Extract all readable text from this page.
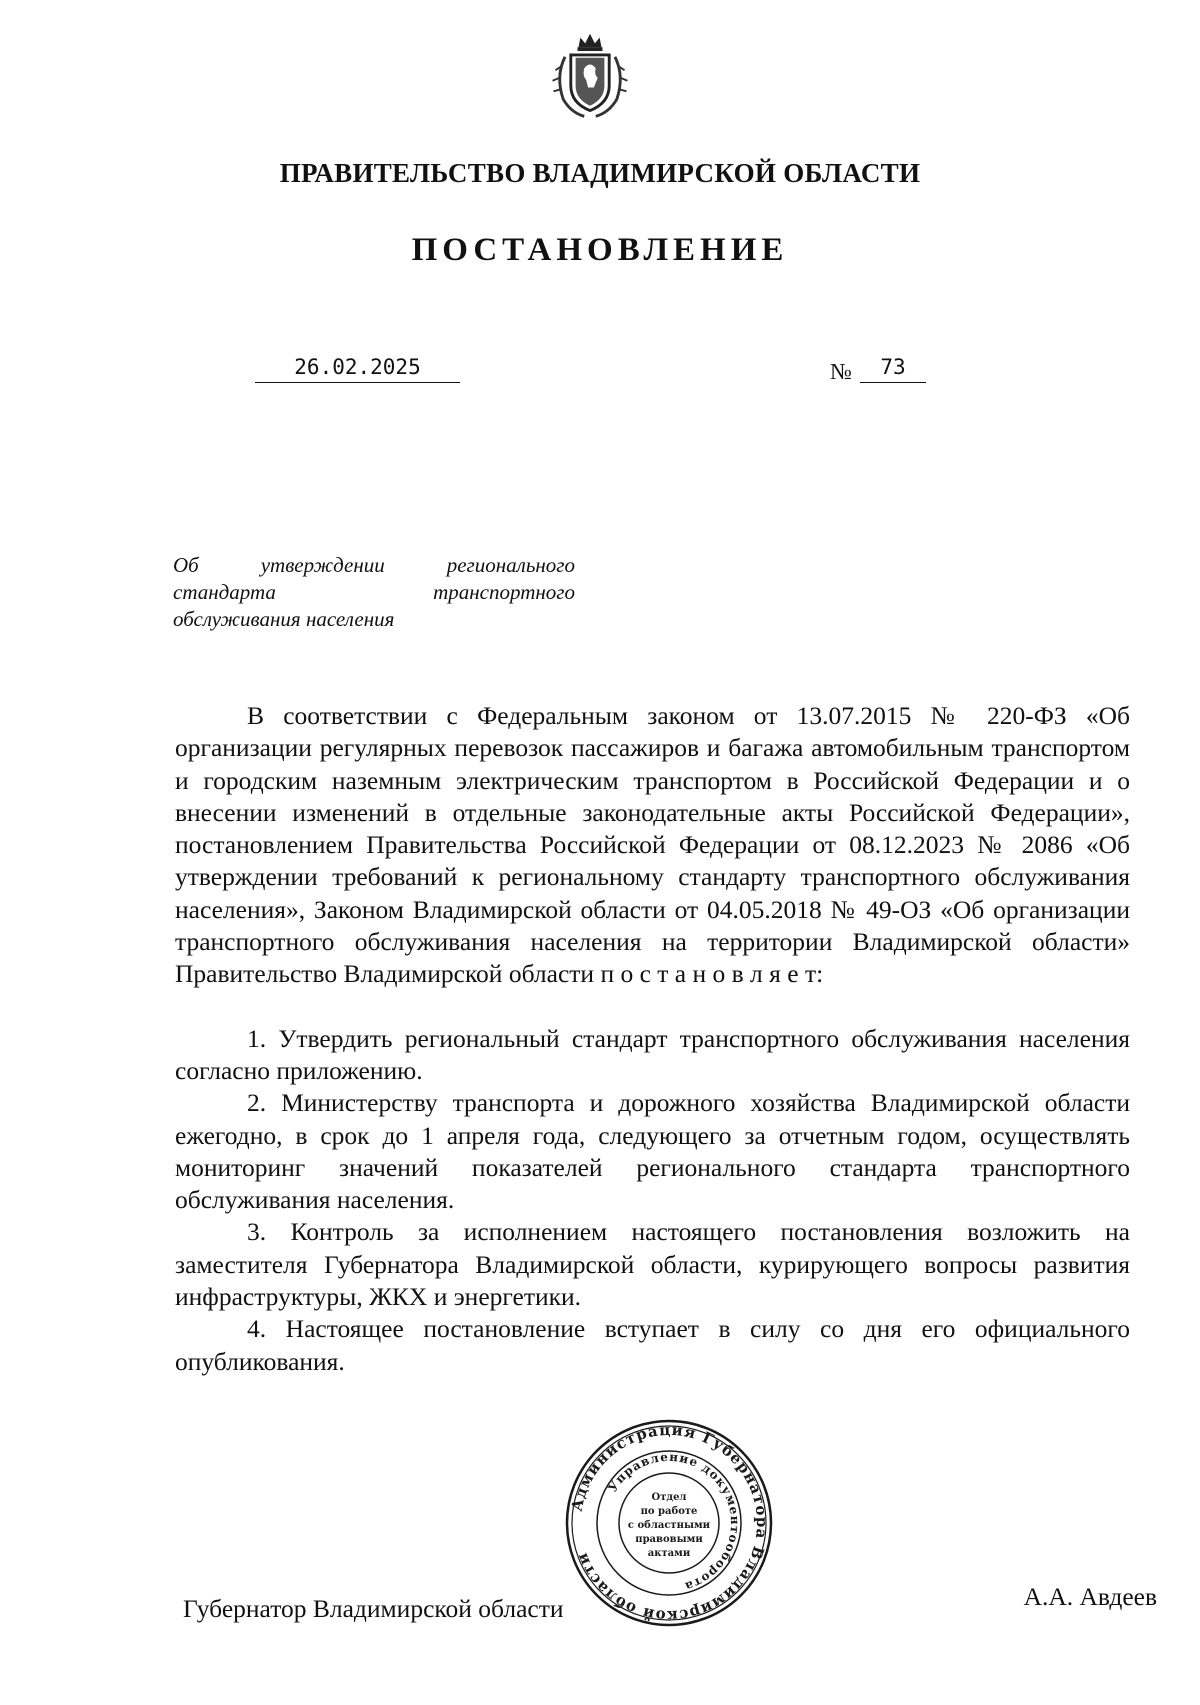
ПРАВИТЕЛЬСТВО ВЛАДИМИРСКОЙ ОБЛАСТИ
ПОСТАНОВЛЕНИЕ
26.02.2025	№	73
Об утверждении регионального
стандарта транспортного
обслуживания населения

В соответствии с Федеральным законом от 13.07.2015 № 220-ФЗ «Об организации регулярных перевозок пассажиров и багажа автомобильным транспортом и городским наземным электрическим транспортом в Российской Федерации и о внесении изменений в отдельные законодательные акты Российской Федерации», постановлением Правительства Российской Федерации от 08.12.2023 № 2086 «Об утверждении требований к региональному стандарту транспортного обслуживания населения», Законом Владимирской области от 04.05.2018 № 49-ОЗ «Об организации транспортного обслуживания населения на территории Владимирской области» Правительство Владимирской области п о с т а н о в л я е т:

1. Утвердить региональный стандарт транспортного обслуживания населения согласно приложению.

2. Министерству транспорта и дорожного хозяйства Владимирской области ежегодно, в срок до 1 апреля года, следующего за отчетным годом, осуществлять мониторинг значений показателей регионального стандарта транспортного обслуживания населения.

3. Контроль за исполнением настоящего постановления возложить на заместителя Губернатора Владимирской области, курирующего вопросы развития инфраструктуры, ЖКХ и энергетики.

4. Настоящее постановление вступает в силу со дня его официального опубликования.

Губернатор Владимирской области	А.А. Авдеев
Администрация Губернатора Владимирской области
Управление документооборота
Отдел
по работе
с областными
правовыми
актами
